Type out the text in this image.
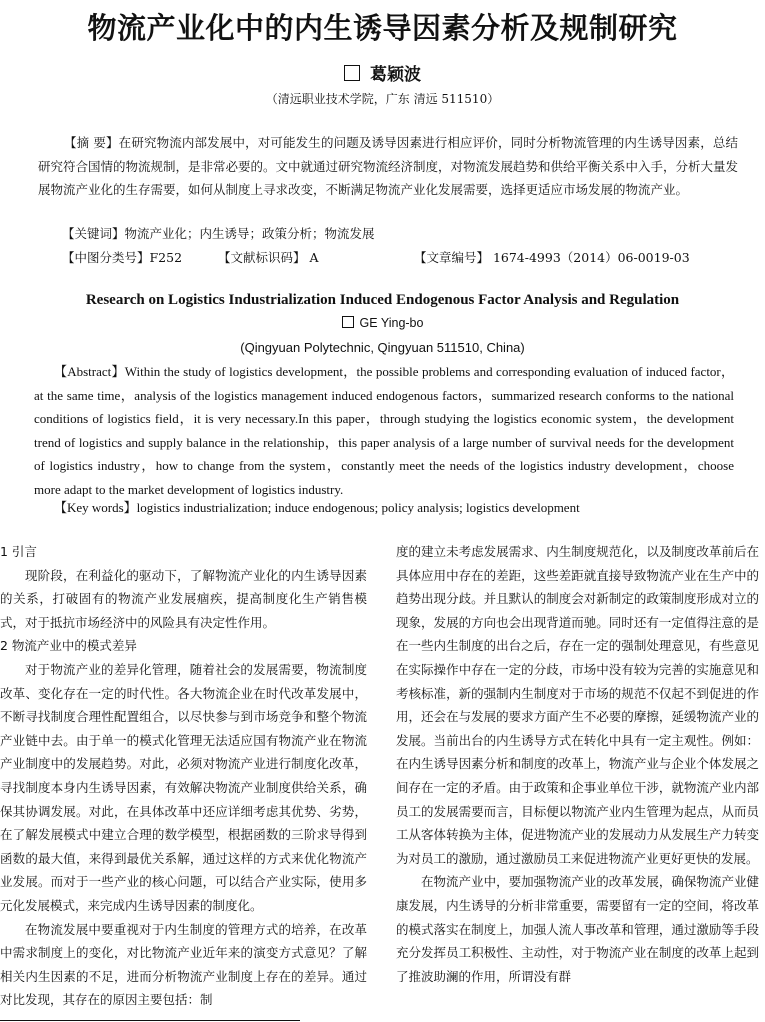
物流产业化中的内生诱导因素分析及规制研究
葛颖波
（清远职业技术学院，广东 清远 511510）
【摘 要】在研究物流内部发展中，对可能发生的问题及诱导因素进行相应评价，同时分析物流管理的内生诱导因素，总结研究符合国情的物流规制，是非常必要的。文中就通过研究物流经济制度，对物流发展趋势和供给平衡关系中入手，分析大量发展物流产业化的生存需要，如何从制度上寻求改变，不断满足物流产业化发展需要，选择更适应市场发展的物流产业。
【关键词】物流产业化；内生诱导；政策分析；物流发展
【中图分类号】F252	【文献标识码】 A	【文章编号】 1674-4993（2014）06-0019-03
Research on Logistics Industrialization Induced Endogenous Factor Analysis and Regulation
GE Ying-bo
(Qingyuan Polytechnic, Qingyuan 511510, China)
【Abstract】Within the study of logistics development，the possible problems and corresponding evaluation of induced factor，at the same time，analysis of the logistics management induced endogenous factors，summarized research conforms to the national conditions of logistics field，it is very necessary.In this paper，through studying the logistics economic system，the development trend of logistics and supply balance in the relationship，this paper analysis of a large number of survival needs for the development of logistics industry，how to change from the system，constantly meet the needs of the logistics industry development，choose more adapt to the market development of logistics industry.
【Key words】logistics industrialization; induce endogenous; policy analysis; logistics development
1 引言

现阶段，在利益化的驱动下，了解物流产业化的内生诱导因素的关系，打破固有的物流产业发展痼疾，提高制度化生产销售模式，对于抵抗市场经济中的风险具有决定性作用。

2 物流产业中的模式差异

对于物流产业的差异化管理，随着社会的发展需要，物流制度改革、变化存在一定的时代性。各大物流企业在时代改革发展中，不断寻找制度合理性配置组合，以尽快参与到市场竞争和整个物流产业链中去。由于单一的模式化管理无法适应国有物流产业在物流产业制度中的发展趋势。对此，必须对物流产业进行制度化改革，寻找制度本身内生诱导因素，有效解决物流产业制度供给关系，确保其协调发展。对此，在具体改革中还应详细考虑其优势、劣势，在了解发展模式中建立合理的数学模型，根据函数的三阶求导得到函数的最大值，来得到最优关系解，通过这样的方式来优化物流产业发展。而对于一些产业的核心问题，可以结合产业实际，使用多元化发展模式，来完成内生诱导因素的制度化。

在物流发展中要重视对于内生制度的管理方式的培养，在改革中需求制度上的变化，对比物流产业近年来的演变方式意见？了解相关内生因素的不足，进而分析物流产业制度上存在的差异。通过对比发现，其存在的原因主要包括：制

度的建立未考虑发展需求、内生制度规范化，以及制度改革前后在具体应用中存在的差距，这些差距就直接导致物流产业在生产中的趋势出现分歧。并且默认的制度会对新制定的政策制度形成对立的现象，发展的方向也会出现背道而驰。同时还有一定值得注意的是在一些内生制度的出台之后，存在一定的强制处理意见，有些意见在实际操作中存在一定的分歧，市场中没有较为完善的实施意见和考核标准，新的强制内生制度对于市场的规范不仅起不到促进的作用，还会在与发展的要求方面产生不必要的摩擦，延缓物流产业的发展。当前出台的内生诱导方式在转化中具有一定主观性。例如：在内生诱导因素分析和制度的改革上，物流产业与企业个体发展之间存在一定的矛盾。由于政策和企事业单位干涉，就物流产业内部员工的发展需要而言，目标便以物流产业内生管理为起点，从而员工从客体转换为主体，促进物流产业的发展动力从发展生产力转变为对员工的激励，通过激励员工来促进物流产业更好更快的发展。

在物流产业中，要加强物流产业的改革发展，确保物流产业健康发展，内生诱导的分析非常重要，需要留有一定的空间，将改革的模式落实在制度上，加强人流人事改革和管理，通过激励等手段充分发挥员工积极性、主动性，对于物流产业在制度的改革上起到了推波助澜的作用，所谓没有群
